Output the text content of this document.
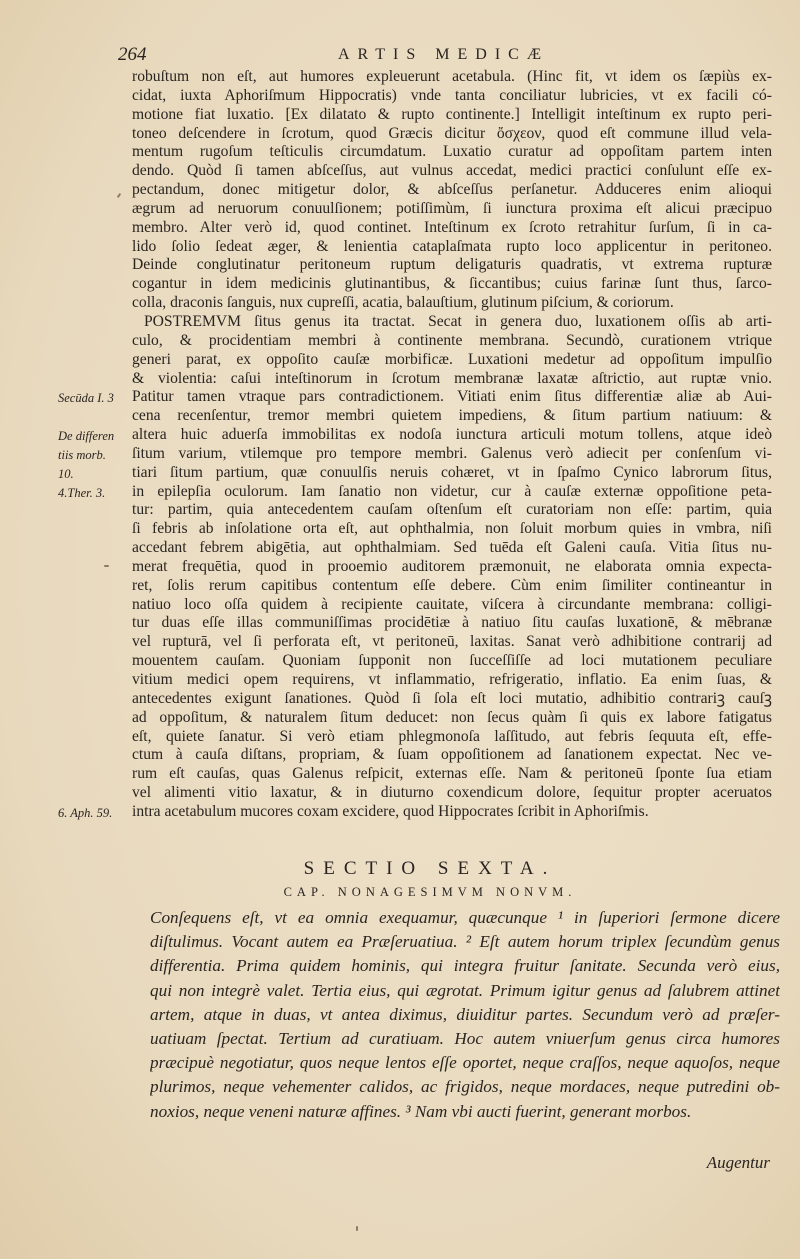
264	ARTIS MEDICÆ
robuſtum non eſt, aut humores expleuerunt acetabula. (Hinc fit, vt idem os ſæpiùs ex-
cidat, iuxta Aphoriſmum Hippocratis) vnde tanta conciliatur lubricies, vt ex facili có-
motione fiat luxatio. [Ex dilatato & rupto continente.] Intelligit inteſtinum ex rupto peri-
toneo deſcendere in ſcrotum, quod Græcis dicitur ὄσχεον, quod eſt commune illud vela-
mentum rugoſum teſticulis circumdatum. Luxatio curatur ad oppoſitam partem inten
dendo. Quòd ſi tamen abſceſſus, aut vulnus accedat, medici practici conſulunt eſſe ex-
pectandum, donec mitigetur dolor, & abſceſſus perſanetur. Adduceres enim alioqui
ægrum ad neruorum conuulſionem; potiſſimùm, ſi iunctura proxima eſt alicui præcipuo
membro. Alter verò id, quod continet. Inteſtinum ex ſcroto retrahitur ſurſum, ſi in ca-
lido ſolio ſedeat æger, & lenientia cataplaſmata rupto loco applicentur in peritoneo.
Deinde conglutinatur peritoneum ruptum deligaturis quadratis, vt extrema rupturæ
cogantur in idem medicinis glutinantibus, & ſiccantibus; cuius farinæ ſunt thus, ſarco-
colla, draconis ſanguis, nux cupreſſi, acatia, balauſtium, glutinum piſcium, & coriorum.
POSTREMVM ſitus genus ita tractat. Secat in genera duo, luxationem oſſis ab arti-
culo, & procidentiam membri à continente membrana. Secundò, curationem vtrique
generi parat, ex oppoſito cauſæ morbificæ. Luxationi medetur ad oppoſitum impulſio
& violentia: caſui inteſtinorum in ſcrotum membranæ laxatæ aſtrictio, aut ruptæ vnio.
Patitur tamen vtraque pars contradictionem. Vitiati enim ſitus differentiæ aliæ ab Aui-
cena recenſentur, tremor membri quietem impediens, & ſitum partium natiuum: &
altera huic aduerſa immobilitas ex nodoſa iunctura articuli motum tollens, atque ideò
ſitum varium, vtilemque pro tempore membri. Galenus verò adiecit per conſenſum vi-
tiari ſitum partium, quæ conuulſis neruis cohæret, vt in ſpaſmo Cynico labrorum ſitus,
in epilepſia oculorum. Iam ſanatio non videtur, cur à cauſæ externæ oppoſitione peta-
tur: partim, quia antecedentem cauſam oſtenſum eſt curatoriam non eſſe: partim, quia
ſi febris ab inſolatione orta eſt, aut ophthalmia, non ſoluit morbum quies in vmbra, niſi
accedant febrem abigētia, aut ophthalmiam. Sed tuēda eſt Galeni cauſa. Vitia ſitus nu-
merat frequētia, quod in prooemio auditorem præmonuit, ne elaborata omnia expecta-
ret, ſolis rerum capitibus contentum eſſe debere. Cùm enim ſimiliter contineantur in
natiuo loco oſſa quidem à recipiente cauitate, viſcera à circundante membrana: colligi-
tur duas eſſe illas communiſſimas procidētiæ à natiuo ſitu cauſas luxationē, & mēbranæ
vel rupturā, vel ſi perforata eſt, vt peritoneū, laxitas. Sanat verò adhibitione contrarij ad
mouentem cauſam. Quoniam ſupponit non ſucceſſiſſe ad loci mutationem peculiare
vitium medici opem requirens, vt inflammatio, refrigeratio, inflatio. Ea enim ſuas, &
antecedentes exigunt ſanationes. Quòd ſi ſola eſt loci mutatio, adhibitio contrariꝫ cauſꝫ
ad oppoſitum, & naturalem ſitum deducet: non ſecus quàm ſi quis ex labore fatigatus
eſt, quiete ſanatur. Si verò etiam phlegmonoſa laſſitudo, aut febris ſequuta eſt, effe-
ctum à cauſa diſtans, propriam, & ſuam oppoſitionem ad ſanationem expectat. Nec ve-
rum eſt cauſas, quas Galenus reſpicit, externas eſſe. Nam & peritoneū ſponte ſua etiam
vel alimenti vitio laxatur, & in diuturno coxendicum dolore, ſequitur propter aceruatos
intra acetabulum mucores coxam excidere, quod Hippocrates ſcribit in Aphoriſmis.
Secūda I. 3
De differen
tiis morb.
10.
4.Ther. 3.
6. Aph. 59.
SECTIO SEXTA.
CAP. NONAGESIMVM NONVM.
Conſequens eſt, vt ea omnia exequamur, quæcunque ¹ in ſuperiori ſermone dicere
diſtulimus. Vocant autem ea Præſeruatiua. ² Eſt autem horum triplex ſecundùm genus
differentia. Prima quidem hominis, qui integra fruitur ſanitate. Secunda verò eius,
qui non integrè valet. Tertia eius, qui ægrotat. Primum igitur genus ad ſalubrem attinet
artem, atque in duas, vt antea diximus, diuiditur partes. Secundum verò ad præſer-
uatiuam ſpectat. Tertium ad curatiuam. Hoc autem vniuerſum genus circa humores
præcipuè negotiatur, quos neque lentos eſſe oportet, neque craſſos, neque aquoſos, neque
plurimos, neque vehementer calidos, ac frigidos, neque mordaces, neque putredini ob-
noxios, neque veneni naturæ affines. ³ Nam vbi aucti fuerint, generant morbos.
Augentur
